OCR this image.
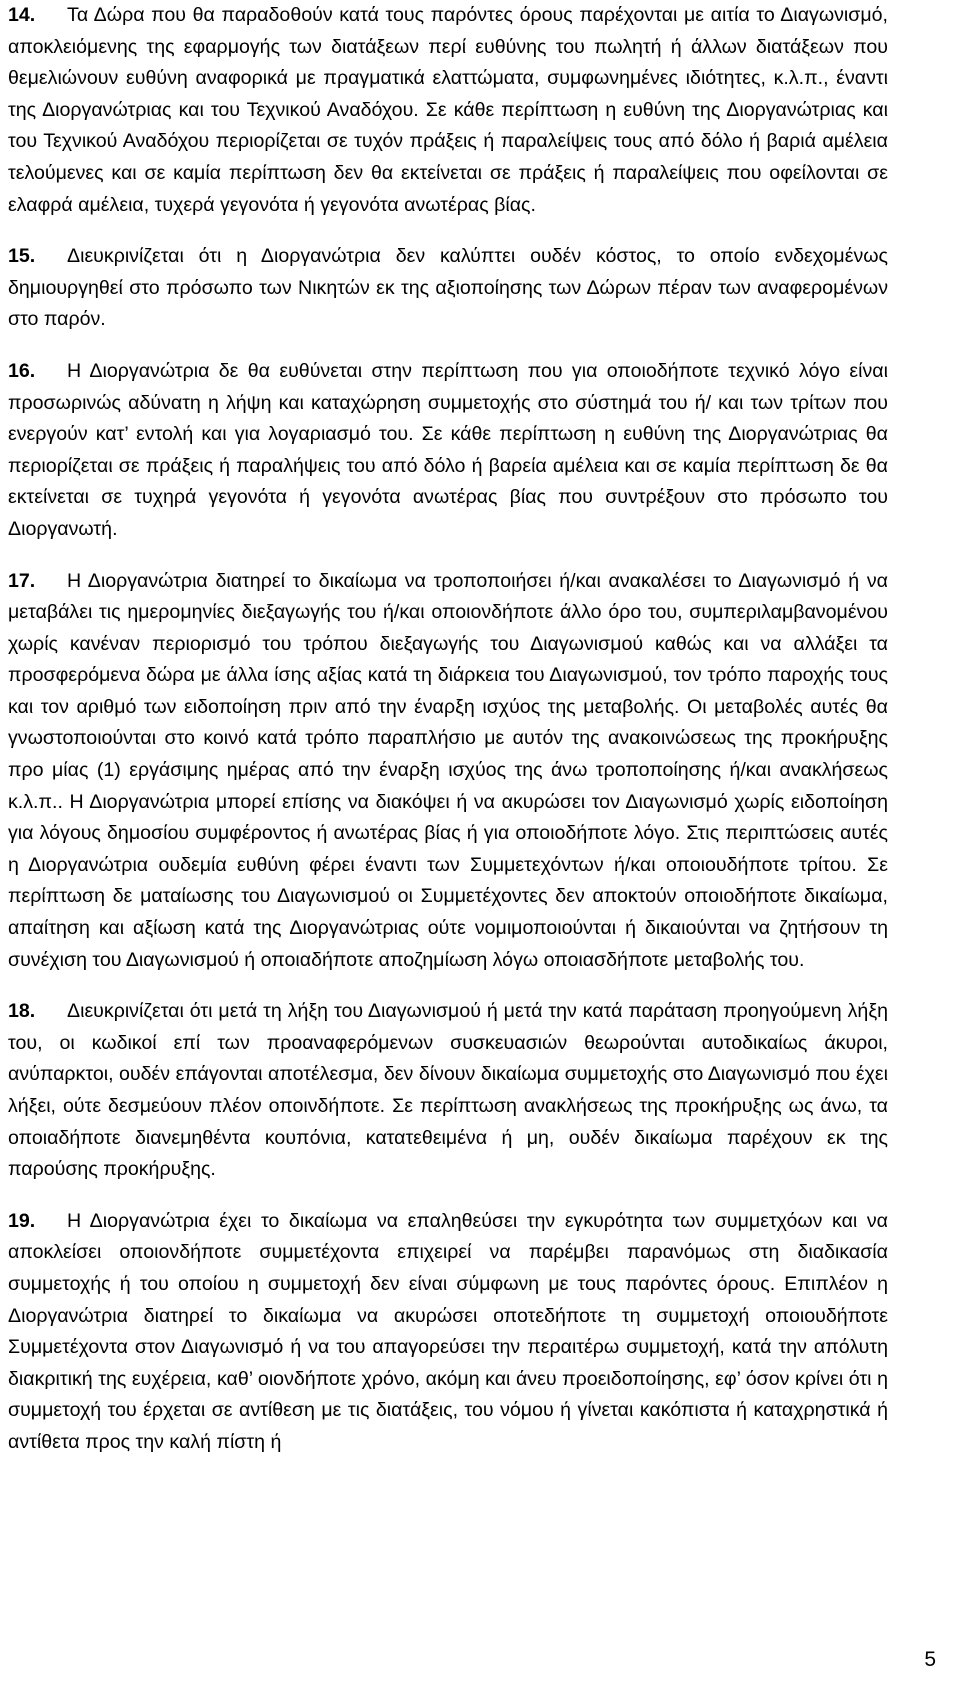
14. Τα Δώρα που θα παραδοθούν κατά τους παρόντες όρους παρέχονται με αιτία το Διαγωνισμό, αποκλειόμενης της εφαρμογής των διατάξεων περί ευθύνης του πωλητή ή άλλων διατάξεων που θεμελιώνουν ευθύνη αναφορικά με πραγματικά ελαττώματα, συμφωνημένες ιδιότητες, κ.λ.π., έναντι της Διοργανώτριας και του Τεχνικού Αναδόχου. Σε κάθε περίπτωση η ευθύνη της Διοργανώτριας και του Τεχνικού Αναδόχου περιορίζεται σε τυχόν πράξεις ή παραλείψεις τους από δόλο ή βαριά αμέλεια τελούμενες και σε καμία περίπτωση δεν θα εκτείνεται σε πράξεις ή παραλείψεις που οφείλονται σε ελαφρά αμέλεια, τυχερά γεγονότα ή γεγονότα ανωτέρας βίας.

15. Διευκρινίζεται ότι η Διοργανώτρια δεν καλύπτει ουδέν κόστος, το οποίο ενδεχομένως δημιουργηθεί στο πρόσωπο των Νικητών εκ της αξιοποίησης των Δώρων πέραν των αναφερομένων στο παρόν.

16. Η Διοργανώτρια δε θα ευθύνεται στην περίπτωση που για οποιοδήποτε τεχνικό λόγο είναι προσωρινώς αδύνατη η λήψη και καταχώρηση συμμετοχής στο σύστημά του ή/ και των τρίτων που ενεργούν κατ’ εντολή και για λογαριασμό του. Σε κάθε περίπτωση η ευθύνη της Διοργανώτριας θα περιορίζεται σε πράξεις ή παραλήψεις του από δόλο ή βαρεία αμέλεια και σε καμία περίπτωση δε θα εκτείνεται σε τυχηρά γεγονότα ή γεγονότα ανωτέρας βίας που συντρέξουν στο πρόσωπο του Διοργανωτή.

17. Η Διοργανώτρια διατηρεί το δικαίωμα να τροποποιήσει ή/και ανακαλέσει το Διαγωνισμό ή να μεταβάλει τις ημερομηνίες διεξαγωγής του ή/και οποιονδήποτε άλλο όρο του, συμπεριλαμβανομένου χωρίς κανέναν περιορισμό του τρόπου διεξαγωγής του Διαγωνισμού καθώς και να αλλάξει τα προσφερόμενα δώρα με άλλα ίσης αξίας κατά τη διάρκεια του Διαγωνισμού, τον τρόπο παροχής τους και τον αριθμό των ειδοποίηση πριν από την έναρξη ισχύος της μεταβολής. Οι μεταβολές αυτές θα γνωστοποιούνται στο κοινό κατά τρόπο παραπλήσιο με αυτόν της ανακοινώσεως της προκήρυξης προ μίας (1) εργάσιμης ημέρας από την έναρξη ισχύος της άνω τροποποίησης ή/και ανακλήσεως κ.λ.π.. Η Διοργανώτρια μπορεί επίσης να διακόψει ή να ακυρώσει τον Διαγωνισμό χωρίς ειδοποίηση για λόγους δημοσίου συμφέροντος ή ανωτέρας βίας ή για οποιοδήποτε λόγο. Στις περιπτώσεις αυτές η Διοργανώτρια ουδεμία ευθύνη φέρει έναντι των Συμμετεχόντων ή/και οποιουδήποτε τρίτου. Σε περίπτωση δε ματαίωσης του Διαγωνισμού οι Συμμετέχοντες δεν αποκτούν οποιοδήποτε δικαίωμα, απαίτηση και αξίωση κατά της Διοργανώτριας ούτε νομιμοποιούνται ή δικαιούνται να ζητήσουν τη συνέχιση του Διαγωνισμού ή οποιαδήποτε αποζημίωση λόγω οποιασδήποτε μεταβολής του.

18. Διευκρινίζεται ότι μετά τη λήξη του Διαγωνισμού ή μετά την κατά παράταση προηγούμενη λήξη του, οι κωδικοί επί των προαναφερόμενων συσκευασιών θεωρούνται αυτοδικαίως άκυροι, ανύπαρκτοι, ουδέν επάγονται αποτέλεσμα, δεν δίνουν δικαίωμα συμμετοχής στο Διαγωνισμό που έχει λήξει, ούτε δεσμεύουν πλέον οποινδήποτε. Σε περίπτωση ανακλήσεως της προκήρυξης ως άνω, τα οποιαδήποτε διανεμηθέντα κουπόνια, κατατεθειμένα ή μη, ουδέν δικαίωμα παρέχουν εκ της παρούσης προκήρυξης.

19. Η Διοργανώτρια έχει το δικαίωμα να επαληθεύσει την εγκυρότητα των συμμετχόων και να αποκλείσει οποιονδήποτε συμμετέχοντα επιχειρεί να παρέμβει παρανόμως στη διαδικασία συμμετοχής ή του οποίου η συμμετοχή δεν είναι σύμφωνη με τους παρόντες όρους. Επιπλέον η Διοργανώτρια διατηρεί το δικαίωμα να ακυρώσει οποτεδήποτε τη συμμετοχή οποιουδήποτε Συμμετέχοντα στον Διαγωνισμό ή να του απαγορεύσει την περαιτέρω συμμετοχή, κατά την απόλυτη διακριτική της ευχέρεια, καθ’ οιονδήποτε χρόνο, ακόμη και άνευ προειδοποίησης, εφ’ όσον κρίνει ότι η συμμετοχή του έρχεται σε αντίθεση με τις διατάξεις, του νόμου ή γίνεται κακόπιστα ή καταχρηστικά ή αντίθετα προς την καλή πίστη ή

5
